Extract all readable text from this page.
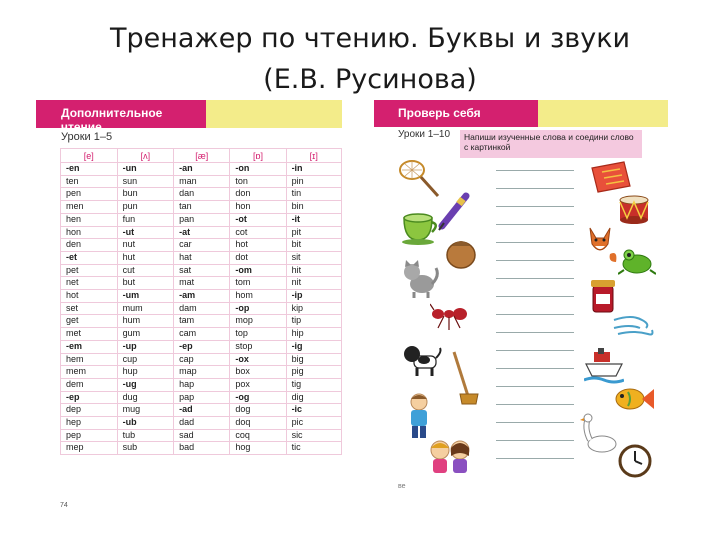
Тренажер по чтению. Буквы и звуки
(Е.В. Русинова)
Дополнительное чтение
Уроки 1–5
[e]	[ʌ]	[æ]	[ɒ]	[ɪ]
-en	-un	-an	-on	-in
ten	sun	man	ton	pin
pen	bun	dan	don	tin
men	pun	tan	hon	bin
hen	fun	pan	-ot	-it
hon	-ut	-at	cot	pit
den	nut	car	hot	bit
-et	hut	hat	dot	sit
pet	cut	sat	-om	hit
net	but	mat	tom	nit
hot	-um	-am	hom	-ip
set	mum	dam	-op	kip
get	hum	tam	mop	tip
met	gum	cam	top	hip
-em	-up	-ep	stop	-ig
hem	cup	cap	-ox	big
mem	hup	map	box	pig
dem	-ug	hap	pox	tig
-ep	dug	pap	-og	dig
dep	mug	-ad	dog	-ic
hep	-ub	dad	doq	pic
pep	tub	sad	coq	sic
mep	sub	bad	hog	tic
74
Проверь себя
Уроки 1–10	Напиши изученные слова и соедини слово с картинкой
ве
